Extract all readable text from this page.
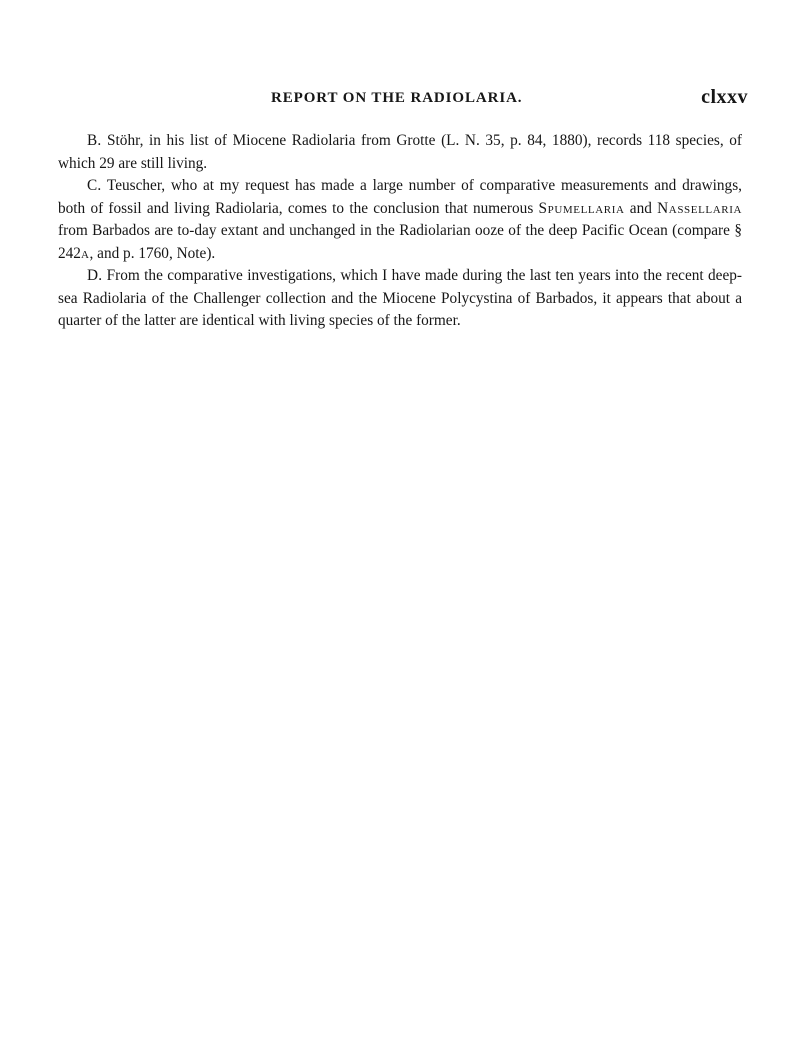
REPORT ON THE RADIOLARIA.	clxxv

B. Stöhr, in his list of Miocene Radiolaria from Grotte (L. N. 35, p. 84, 1880), records 118 species, of which 29 are still living.

C. Teuscher, who at my request has made a large number of comparative measurements and drawings, both of fossil and living Radiolaria, comes to the conclusion that numerous Spumellaria and Nassellaria from Barbados are to-day extant and unchanged in the Radiolarian ooze of the deep Pacific Ocean (compare § 242a, and p. 1760, Note).

D. From the comparative investigations, which I have made during the last ten years into the recent deep-sea Radiolaria of the Challenger collection and the Miocene Polycystina of Barbados, it appears that about a quarter of the latter are identical with living species of the former.
